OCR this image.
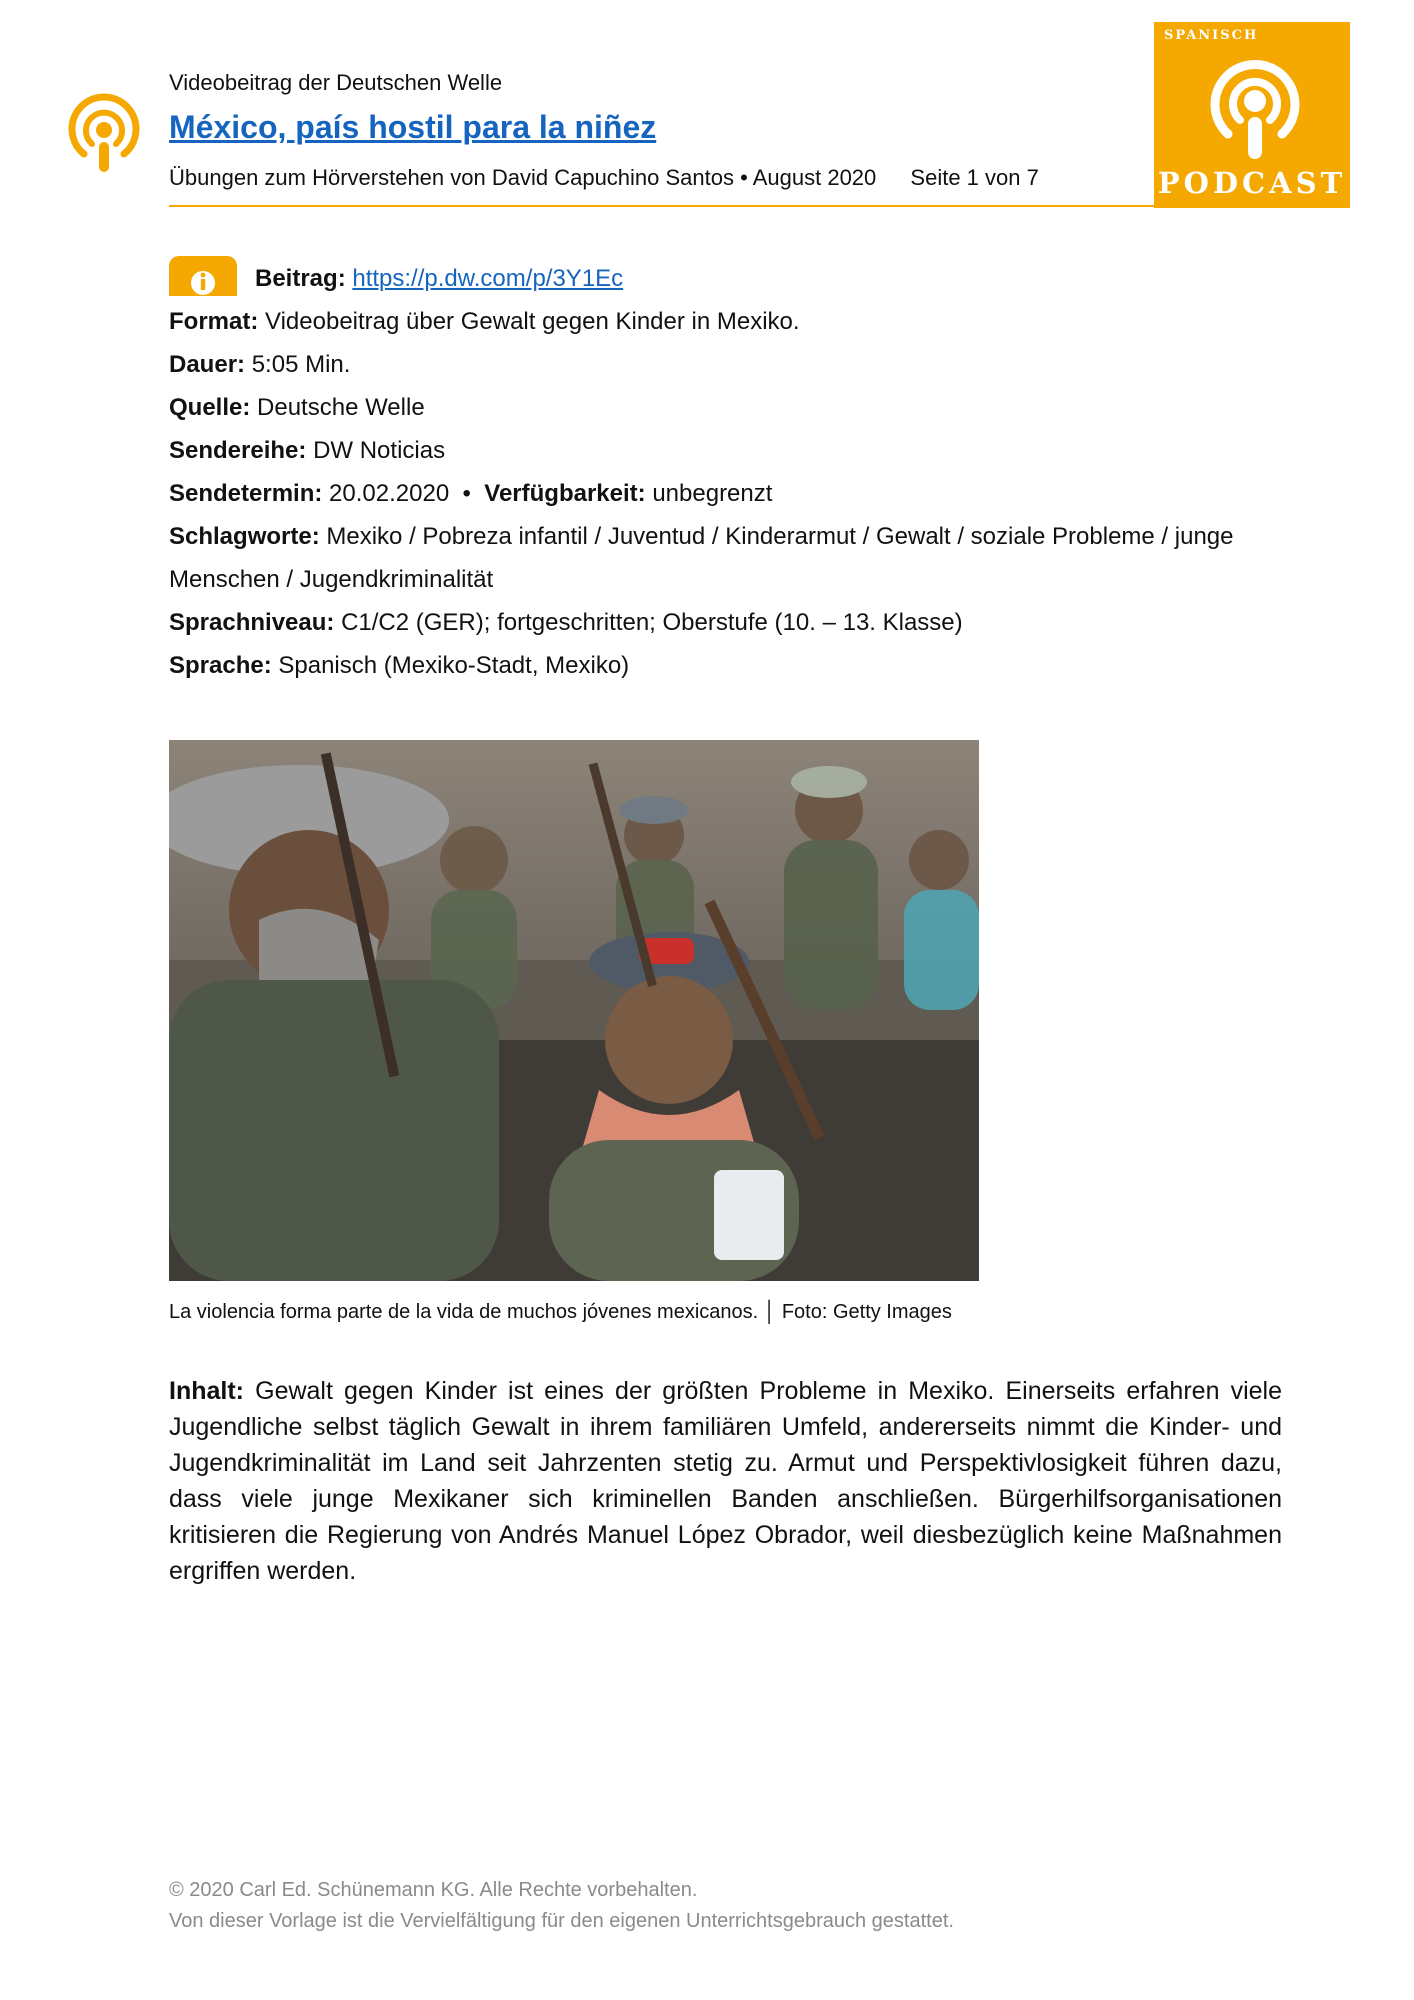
Videobeitrag der Deutschen Welle
México, país hostil para la niñez
Übungen zum Hörverstehen von David Capuchino Santos • August 2020 Seite 1 von 7
SPANISCH
PODCAST
Beitrag: https://p.dw.com/p/3Y1Ec
Format: Videobeitrag über Gewalt gegen Kinder in Mexiko.
Dauer: 5:05 Min.
Quelle: Deutsche Welle
Sendereihe: DW Noticias
Sendetermin: 20.02.2020 • Verfügbarkeit: unbegrenzt
Schlagworte: Mexiko / Pobreza infantil / Juventud / Kinderarmut / Gewalt / soziale Probleme / junge
Menschen / Jugendkriminalität
Sprachniveau: C1/C2 (GER); fortgeschritten; Oberstufe (10. – 13. Klasse)
Sprache: Spanisch (Mexiko-Stadt, Mexiko)
La violencia forma parte de la vida de muchos jóvenes mexicanos. │ Foto: Getty Images
Inhalt: Gewalt gegen Kinder ist eines der größten Probleme in Mexiko. Einerseits erfahren viele Jugendliche selbst täglich Gewalt in ihrem familiären Umfeld, andererseits nimmt die Kinder- und Jugendkriminalität im Land seit Jahrzenten stetig zu. Armut und Perspektivlosigkeit führen dazu, dass viele junge Mexikaner sich kriminellen Banden anschließen. Bürgerhilfsorganisationen kritisieren die Regierung von Andrés Manuel López Obrador, weil diesbezüglich keine Maßnahmen ergriffen werden.
© 2020 Carl Ed. Schünemann KG. Alle Rechte vorbehalten.
Von dieser Vorlage ist die Vervielfältigung für den eigenen Unterrichtsgebrauch gestattet.
